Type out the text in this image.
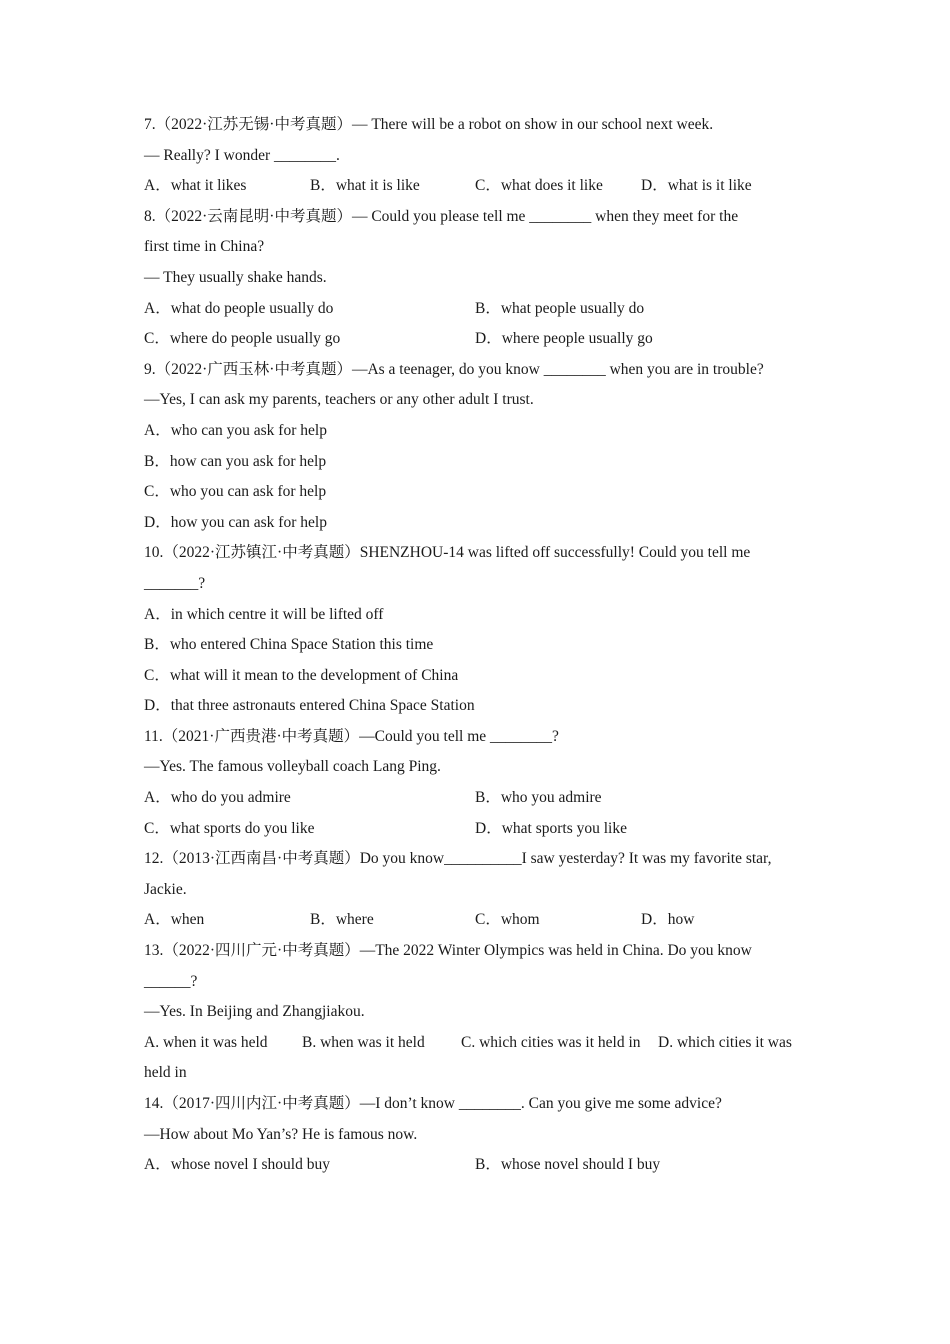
7.（2022·江苏无锡·中考真题）— There will be a robot on show in our school next week.
— Really? I wonder ________.
A．what it likes	B．what it is like	C．what does it like D．what is it like
8.（2022·云南昆明·中考真题）— Could you please tell me ________ when they meet for the
first time in China?
— They usually shake hands.
A．what do people usually do	B．what people usually do
C．where do people usually go	D．where people usually go
9.（2022·广西玉林·中考真题）—As a teenager, do you know ________ when you are in trouble?
—Yes, I can ask my parents, teachers or any other adult I trust.
A．who can you ask for help
B．how can you ask for help
C．who you can ask for help
D．how you can ask for help
10.（2022·江苏镇江·中考真题）SHENZHOU-14 was lifted off successfully! Could you tell me
_______?
A．in which centre it will be lifted off
B．who entered China Space Station this time
C．what will it mean to the development of China
D．that three astronauts entered China Space Station
11.（2021·广西贵港·中考真题）—Could you tell me ________?
—Yes. The famous volleyball coach Lang Ping.
A．who do you admire	B．who you admire
C．what sports do you like	D．what sports you like
12.（2013·江西南昌·中考真题）Do you know__________I saw yesterday? It was my favorite star,
Jackie.
A．when	B．where	C．whom	D．how
13.（2022·四川广元·中考真题）—The 2022 Winter Olympics was held in China. Do you know
______?
—Yes. In Beijing and Zhangjiakou.
A. when it was held B. when was it held C. which cities was it held in D. which cities it was
held in
14.（2017·四川内江·中考真题）—I don’t know ________. Can you give me some advice?
—How about Mo Yan’s? He is famous now.
A．whose novel I should buy	B．whose novel should I buy
